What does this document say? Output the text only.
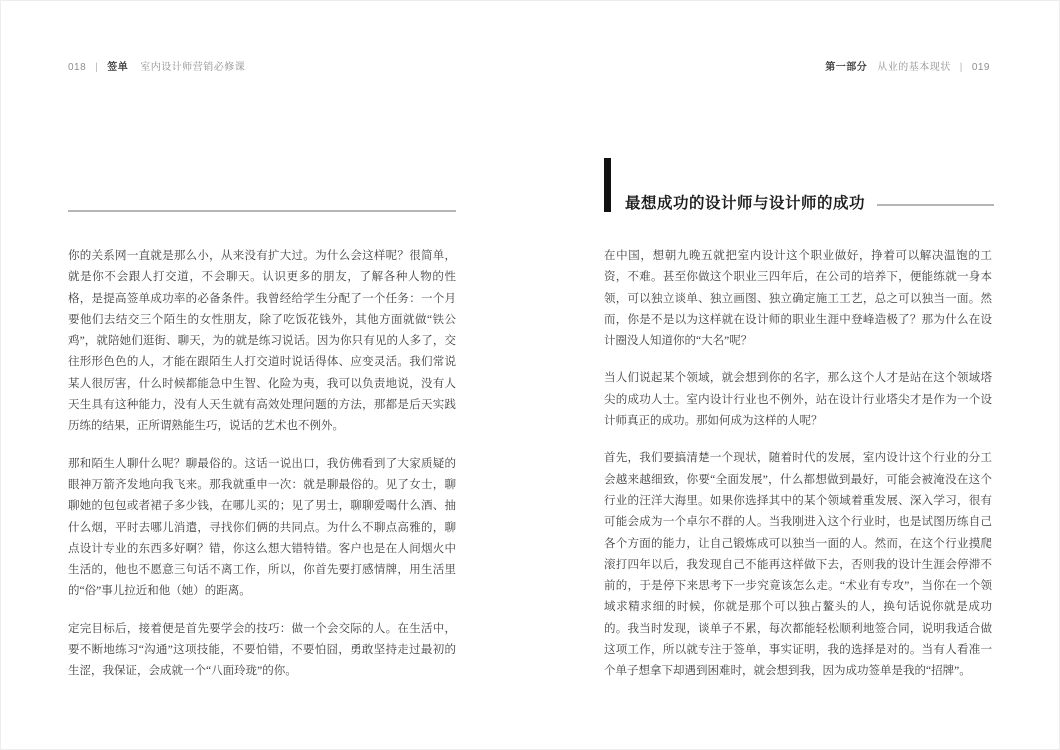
018 | 签单 室内设计师营销必修课	第一部分 从业的基本现状 | 019

你的关系网一直就是那么小，从来没有扩大过。为什么会这样呢？很简单，就是你不会跟人打交道，不会聊天。认识更多的朋友，了解各种人物的性格，是提高签单成功率的必备条件。我曾经给学生分配了一个任务：一个月要他们去结交三个陌生的女性朋友，除了吃饭花钱外，其他方面就做“铁公鸡”，就陪她们逛街、聊天，为的就是练习说话。因为你只有见的人多了，交往形形色色的人，才能在跟陌生人打交道时说话得体、应变灵活。我们常说某人很厉害，什么时候都能急中生智、化险为夷，我可以负责地说，没有人天生具有这种能力，没有人天生就有高效处理问题的方法，那都是后天实践历练的结果，正所谓熟能生巧，说话的艺术也不例外。

那和陌生人聊什么呢？聊最俗的。这话一说出口，我仿佛看到了大家质疑的眼神万箭齐发地向我飞来。那我就重申一次：就是聊最俗的。见了女士，聊聊她的包包或者裙子多少钱，在哪儿买的；见了男士，聊聊爱喝什么酒、抽什么烟，平时去哪儿消遣，寻找你们俩的共同点。为什么不聊点高雅的，聊点设计专业的东西多好啊？错，你这么想大错特错。客户也是在人间烟火中生活的，他也不愿意三句话不离工作，所以，你首先要打感情牌，用生活里的“俗”事儿拉近和他（她）的距离。

定完目标后，接着便是首先要学会的技巧：做一个会交际的人。在生活中，要不断地练习“沟通”这项技能，不要怕错，不要怕囧，勇敢坚持走过最初的生涩，我保证，会成就一个“八面玲珑”的你。

最想成功的设计师与设计师的成功

在中国，想朝九晚五就把室内设计这个职业做好，挣着可以解决温饱的工资，不难。甚至你做这个职业三四年后，在公司的培养下，便能练就一身本领，可以独立谈单、独立画图、独立确定施工工艺，总之可以独当一面。然而，你是不是以为这样就在设计师的职业生涯中登峰造极了？那为什么在设计圈没人知道你的“大名”呢？

当人们说起某个领域，就会想到你的名字，那么这个人才是站在这个领域塔尖的成功人士。室内设计行业也不例外，站在设计行业塔尖才是作为一个设计师真正的成功。那如何成为这样的人呢？

首先，我们要搞清楚一个现状，随着时代的发展，室内设计这个行业的分工会越来越细致，你要“全面发展”，什么都想做到最好，可能会被淹没在这个行业的汪洋大海里。如果你选择其中的某个领域着重发展、深入学习，很有可能会成为一个卓尔不群的人。当我刚进入这个行业时，也是试图历练自己各个方面的能力，让自己锻炼成可以独当一面的人。然而，在这个行业摸爬滚打四年以后，我发现自己不能再这样做下去，否则我的设计生涯会停滞不前的，于是停下来思考下一步究竟该怎么走。“术业有专攻”，当你在一个领域求精求细的时候，你就是那个可以独占鳌头的人，换句话说你就是成功的。我当时发现，谈单子不累，每次都能轻松顺利地签合同，说明我适合做这项工作，所以就专注于签单，事实证明，我的选择是对的。当有人看准一个单子想拿下却遇到困难时，就会想到我，因为成功签单是我的“招牌”。
